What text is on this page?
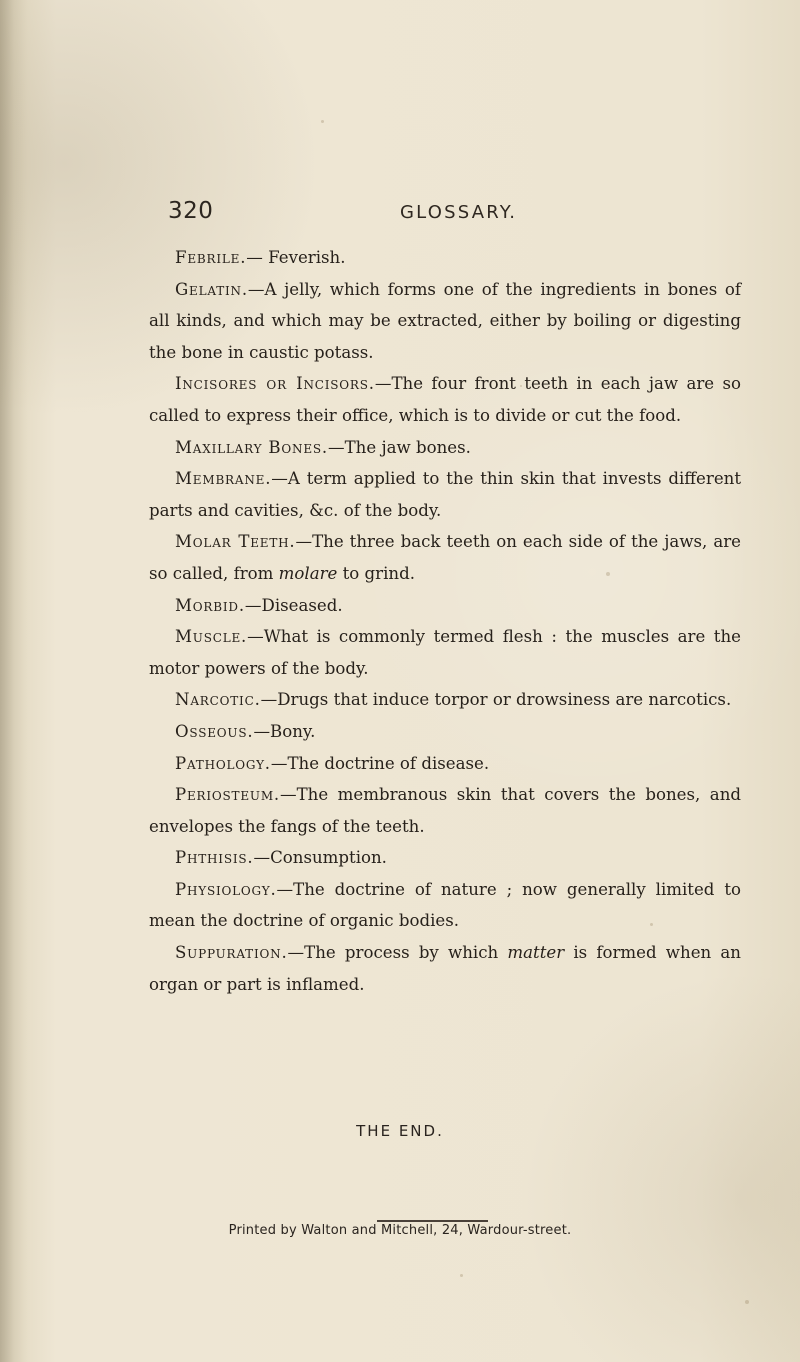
320	GLOSSARY.

Febrile.— Feverish.

Gelatin.—A jelly, which forms one of the ingredients in bones of all kinds, and which may be extracted, either by boiling or digesting the bone in caustic potass.

Incisores or Incisors.—The four front teeth in each jaw are so called to express their office, which is to divide or cut the food.

Maxillary Bones.—The jaw bones.

Membrane.—A term applied to the thin skin that invests different parts and cavities, &c. of the body.

Molar Teeth.—The three back teeth on each side of the jaws, are so called, from molare to grind.

Morbid.—Diseased.

Muscle.—What is commonly termed flesh : the muscles are the motor powers of the body.

Narcotic.—Drugs that induce torpor or drowsiness are narcotics.

Osseous.—Bony.

Pathology.—The doctrine of disease.

Periosteum.—The membranous skin that covers the bones, and envelopes the fangs of the teeth.

Phthisis.—Consumption.

Physiology.—The doctrine of nature ; now generally limited to mean the doctrine of organic bodies.

Suppuration.—The process by which matter is formed when an organ or part is inflamed.

THE END.
Printed by Walton and Mitchell, 24, Wardour-street.
